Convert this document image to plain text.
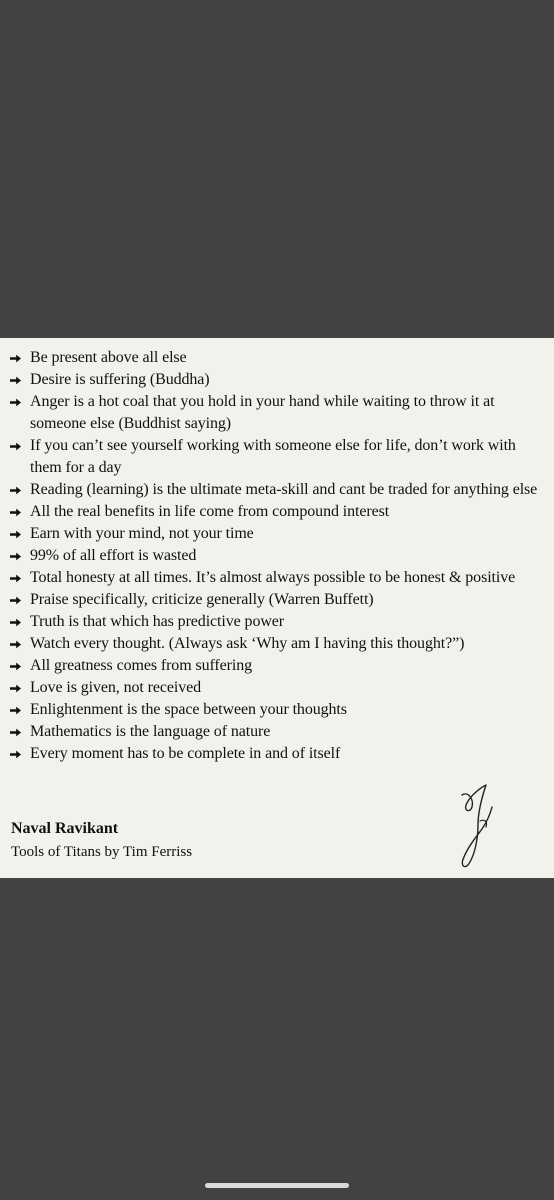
Be present above all else
Desire is suffering (Buddha)
Anger is a hot coal that you hold in your hand while waiting to throw it at someone else (Buddhist saying)
If you can’t see yourself working with someone else for life, don’t work with them for a day
Reading (learning) is the ultimate meta-skill and cant be traded for anything else
All the real benefits in life come from compound interest
Earn with your mind, not your time
99% of all effort is wasted
Total honesty at all times. It’s almost always possible to be honest & positive
Praise specifically, criticize generally (Warren Buffett)
Truth is that which has predictive power
Watch every thought. (Always ask ‘Why am I having this thought?”)
All greatness comes from suffering
Love is given, not received
Enlightenment is the space between your thoughts
Mathematics is the language of nature
Every moment has to be complete in and of itself
Naval Ravikant
Tools of Titans by Tim Ferriss
